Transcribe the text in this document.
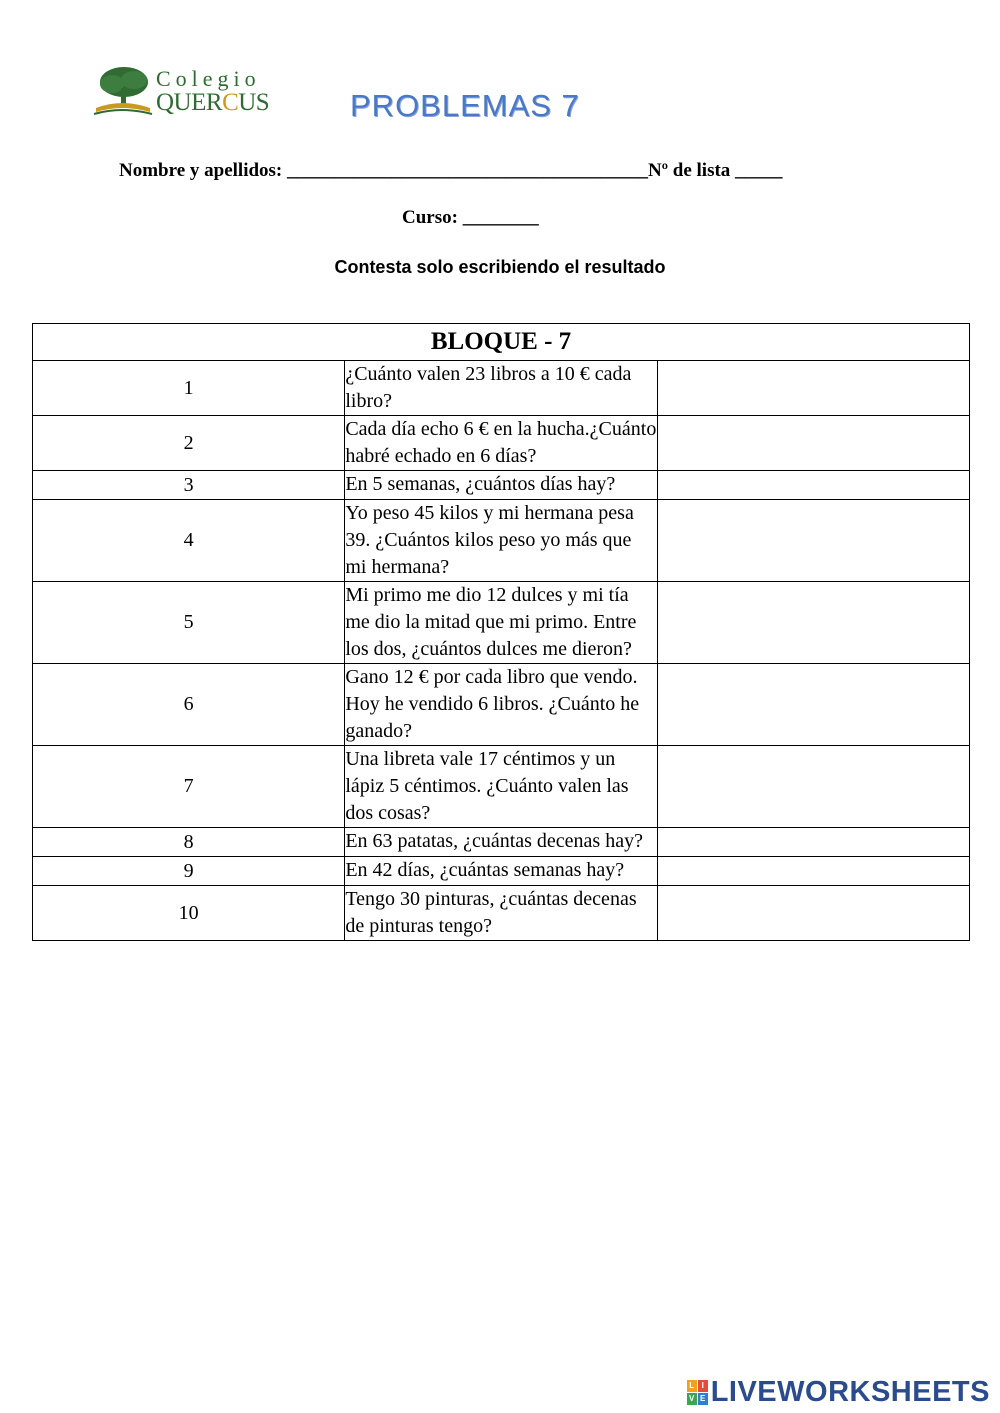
Colegio
QUERCUS	PROBLEMAS 7
Nombre y apellidos: ______________________________________Nº de lista _____
Curso: ________
Contesta solo escribiendo el resultado
BLOQUE - 7		
1	¿Cuánto valen 23 libros a 10 € cada libro?	
2	Cada día echo 6 € en la hucha.¿Cuánto habré echado en 6 días?	
3	En 5 semanas, ¿cuántos días hay?	
4	Yo peso 45 kilos y mi hermana pesa 39. ¿Cuántos kilos peso yo más que mi hermana?	
5	Mi primo me dio 12 dulces y mi tía me dio la mitad que mi primo. Entre los dos, ¿cuántos dulces me dieron?	
6	Gano 12 € por cada libro que vendo. Hoy he vendido 6 libros. ¿Cuánto he ganado?	
7	Una libreta vale 17 céntimos y un lápiz 5 céntimos. ¿Cuánto valen las dos cosas?	
8	En 63 patatas, ¿cuántas decenas hay?	
9	En 42 días, ¿cuántas semanas hay?	
10	Tengo 30 pinturas, ¿cuántas decenas de pinturas tengo?	
L I
V E LIVEWORKSHEETS
